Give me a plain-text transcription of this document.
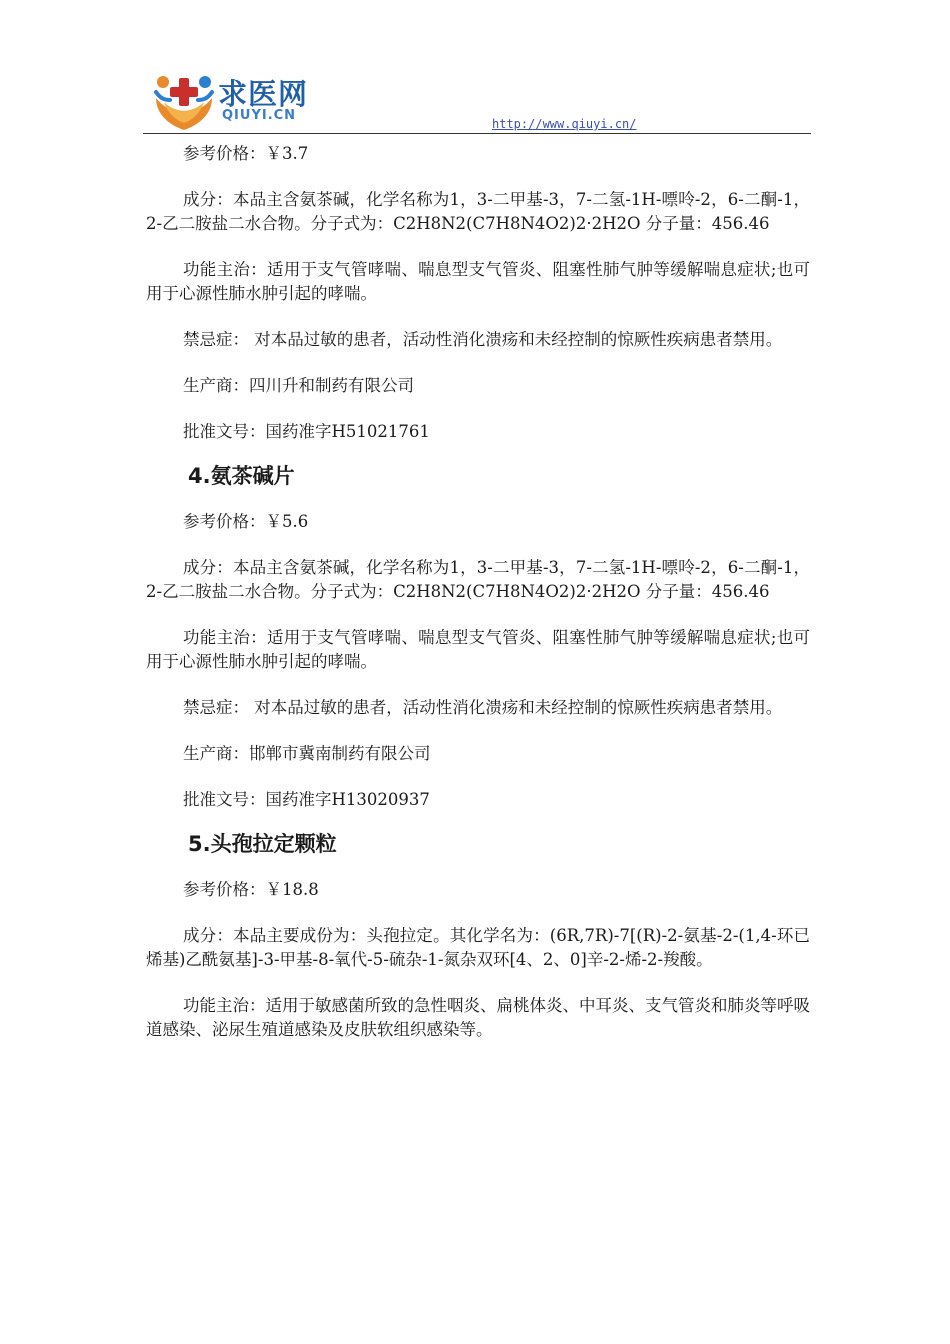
求医网
QIUYI.CN
http://www.qiuyi.cn/

参考价格：￥3.7

成分：本品主含氨茶碱，化学名称为1，3-二甲基-3，7-二氢-1H-嘌呤-2，6-二酮-1，2-乙二胺盐二水合物。分子式为：C2H8N2(C7H8N4O2)2·2H2O 分子量：456.46

功能主治：适用于支气管哮喘、喘息型支气管炎、阻塞性肺气肿等缓解喘息症状;也可用于心源性肺水肿引起的哮喘。

禁忌症： 对本品过敏的患者，活动性消化溃疡和未经控制的惊厥性疾病患者禁用。

生产商：四川升和制药有限公司

批准文号：国药准字H51021761

4.氨茶碱片

参考价格：￥5.6

成分：本品主含氨茶碱，化学名称为1，3-二甲基-3，7-二氢-1H-嘌呤-2，6-二酮-1，2-乙二胺盐二水合物。分子式为：C2H8N2(C7H8N4O2)2·2H2O 分子量：456.46

功能主治：适用于支气管哮喘、喘息型支气管炎、阻塞性肺气肿等缓解喘息症状;也可用于心源性肺水肿引起的哮喘。

禁忌症： 对本品过敏的患者，活动性消化溃疡和未经控制的惊厥性疾病患者禁用。

生产商：邯郸市冀南制药有限公司

批准文号：国药准字H13020937

5.头孢拉定颗粒

参考价格：￥18.8

成分：本品主要成份为：头孢拉定。其化学名为：(6R,7R)-7[(R)-2-氨基-2-(1,4-环已烯基)乙酰氨基]-3-甲基-8-氧代-5-硫杂-1-氮杂双环[4、2、0]辛-2-烯-2-羧酸。

功能主治：适用于敏感菌所致的急性咽炎、扁桃体炎、中耳炎、支气管炎和肺炎等呼吸道感染、泌尿生殖道感染及皮肤软组织感染等。
